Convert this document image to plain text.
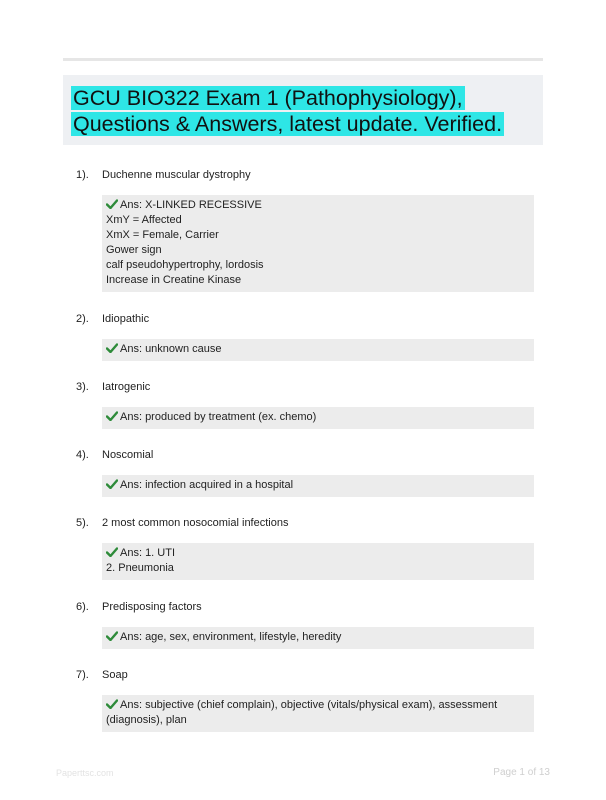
GCU BIO322 Exam 1 (Pathophysiology), Questions & Answers, latest update. Verified.
1). Duchenne muscular dystrophy
Ans: X-LINKED RECESSIVE
XmY = Affected
XmX = Female, Carrier
Gower sign
calf pseudohypertrophy, lordosis
Increase in Creatine Kinase
2). Idiopathic
Ans: unknown cause
3). Iatrogenic
Ans: produced by treatment (ex. chemo)
4). Noscomial
Ans: infection acquired in a hospital
5). 2 most common nosocomial infections
Ans: 1. UTI
2. Pneumonia
6). Predisposing factors
Ans: age, sex, environment, lifestyle, heredity
7). Soap
Ans: subjective (chief complain), objective (vitals/physical exam), assessment (diagnosis), plan
Paperttsc.com	Page 1 of 13
